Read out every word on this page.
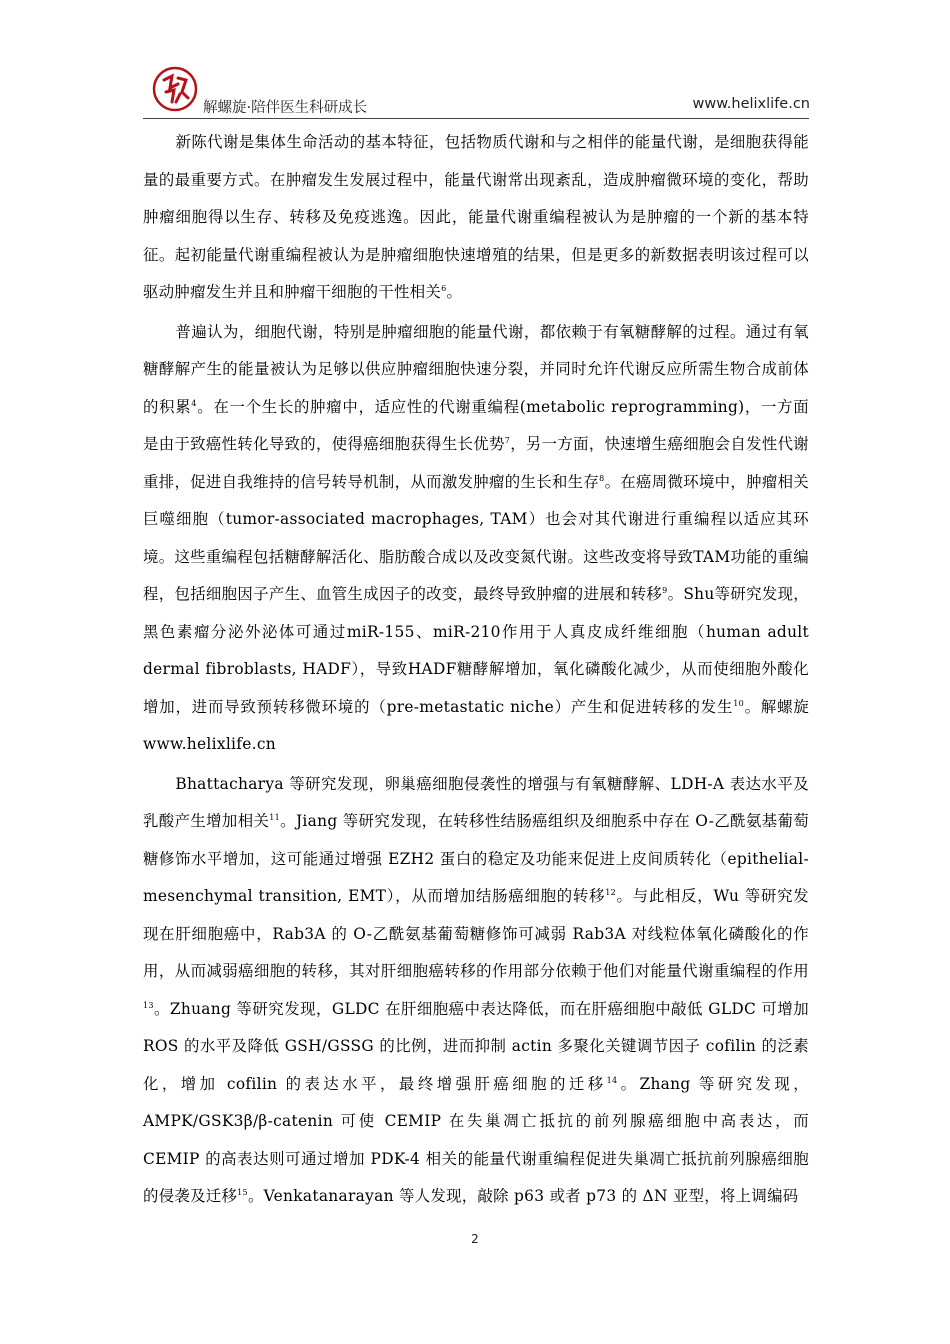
解螺旋·陪伴医生科研成长	www.helixlife.cn

新陈代谢是集体生命活动的基本特征，包括物质代谢和与之相伴的能量代谢，是细胞获得能量的最重要方式。在肿瘤发生发展过程中，能量代谢常出现紊乱，造成肿瘤微环境的变化，帮助肿瘤细胞得以生存、转移及免疫逃逸。因此，能量代谢重编程被认为是肿瘤的一个新的基本特征。起初能量代谢重编程被认为是肿瘤细胞快速增殖的结果，但是更多的新数据表明该过程可以驱动肿瘤发生并且和肿瘤干细胞的干性相关$^6$。

普遍认为，细胞代谢，特别是肿瘤细胞的能量代谢，都依赖于有氧糖酵解的过程。通过有氧糖酵解产生的能量被认为足够以供应肿瘤细胞快速分裂，并同时允许代谢反应所需生物合成前体的积累$^4$。在一个生长的肿瘤中，适应性的代谢重编程(metabolic reprogramming)，一方面是由于致癌性转化导致的，使得癌细胞获得生长优势$^7$，另一方面，快速增生癌细胞会自发性代谢重排，促进自我维持的信号转导机制，从而激发肿瘤的生长和生存$^8$。在癌周微环境中，肿瘤相关巨噬细胞（tumor-associated macrophages, TAM）也会对其代谢进行重编程以适应其环境。这些重编程包括糖酵解活化、脂肪酸合成以及改变氮代谢。这些改变将导致TAM功能的重编程，包括细胞因子产生、血管生成因子的改变，最终导致肿瘤的进展和转移$^9$。Shu等研究发现，黑色素瘤分泌外泌体可通过miR-155、miR-210作用于人真皮成纤维细胞（human adult dermal fibroblasts, HADF），导致HADF糖酵解增加，氧化磷酸化减少，从而使细胞外酸化增加，进而导致预转移微环境的（pre-metastatic niche）产生和促进转移的发生$^{10}$。解螺旋 www.helixlife.cn

Bhattacharya 等研究发现，卵巢癌细胞侵袭性的增强与有氧糖酵解、LDH-A 表达水平及乳酸产生增加相关$^{11}$。Jiang 等研究发现，在转移性结肠癌组织及细胞系中存在 O-乙酰氨基葡萄糖修饰水平增加，这可能通过增强 EZH2 蛋白的稳定及功能来促进上皮间质转化（epithelial-mesenchymal transition, EMT），从而增加结肠癌细胞的转移$^{12}$。与此相反，Wu 等研究发现在肝细胞癌中，Rab3A 的 O-乙酰氨基葡萄糖修饰可减弱 Rab3A 对线粒体氧化磷酸化的作用，从而减弱癌细胞的转移，其对肝细胞癌转移的作用部分依赖于他们对能量代谢重编程的作用$^{13}$。Zhuang 等研究发现，GLDC 在肝细胞癌中表达降低，而在肝癌细胞中敲低 GLDC 可增加 ROS 的水平及降低 GSH/GSSG 的比例，进而抑制 actin 多聚化关键调节因子 cofilin 的泛素化，增加 cofilin 的表达水平，最终增强肝癌细胞的迁移$^{14}$。Zhang 等研究发现，AMPK/GSK3β/β-catenin 可使 CEMIP 在失巢凋亡抵抗的前列腺癌细胞中高表达，而 CEMIP 的高表达则可通过增加 PDK-4 相关的能量代谢重编程促进失巢凋亡抵抗前列腺癌细胞的侵袭及迁移$^{15}$。Venkatanarayan 等人发现，敲除 p63 或者 p73 的 ΔN 亚型，将上调编码

2
